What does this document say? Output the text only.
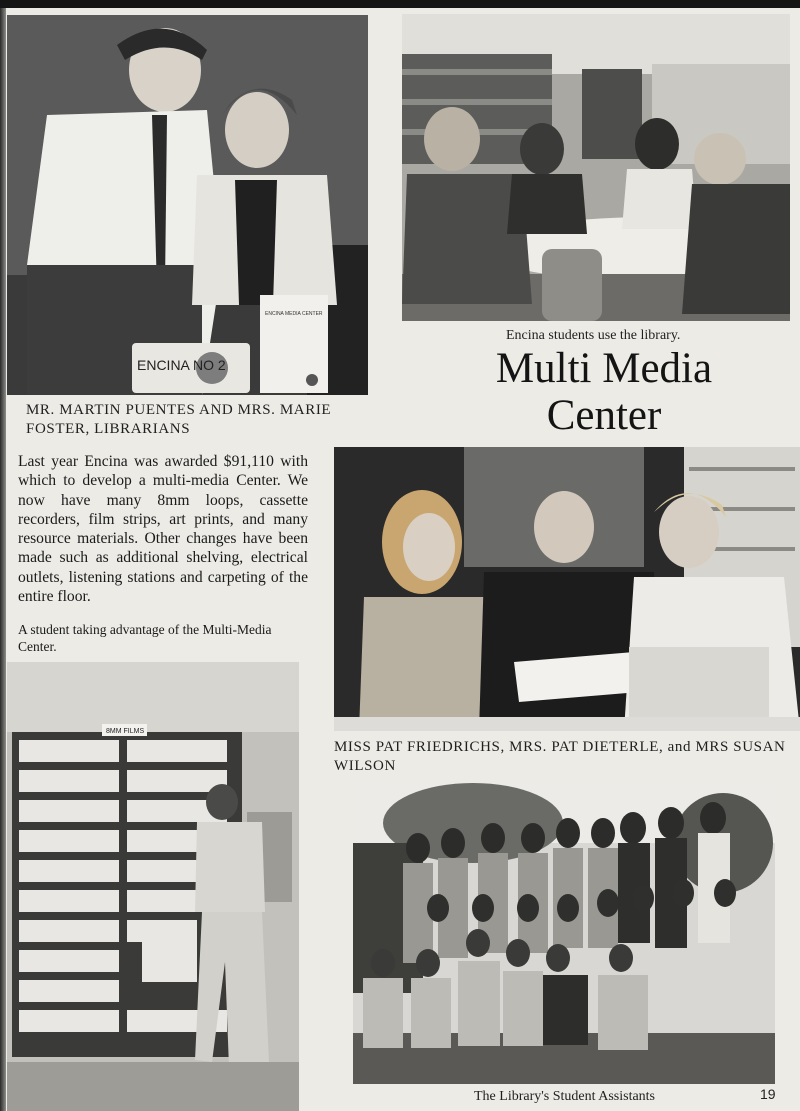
ENCINA NO 2
ENCINA MEDIA CENTER

Encina students use the library.

Multi Media
Center

MR. MARTIN PUENTES AND MRS. MARIE FOSTER, LIBRARIANS

Last year Encina was awarded $91,110 with which to develop a multi-media Center. We now have many 8mm loops, cassette recorders, film strips, art prints, and many resource materials. Other changes have been made such as additional shelving, electrical outlets, listening stations and carpeting of the entire floor.

A student taking advantage of the Multi-Media Center.

MISS PAT FRIEDRICHS, MRS. PAT DIETERLE, and MRS SUSAN WILSON

8MM FILMS

The Library's Student Assistants	19
